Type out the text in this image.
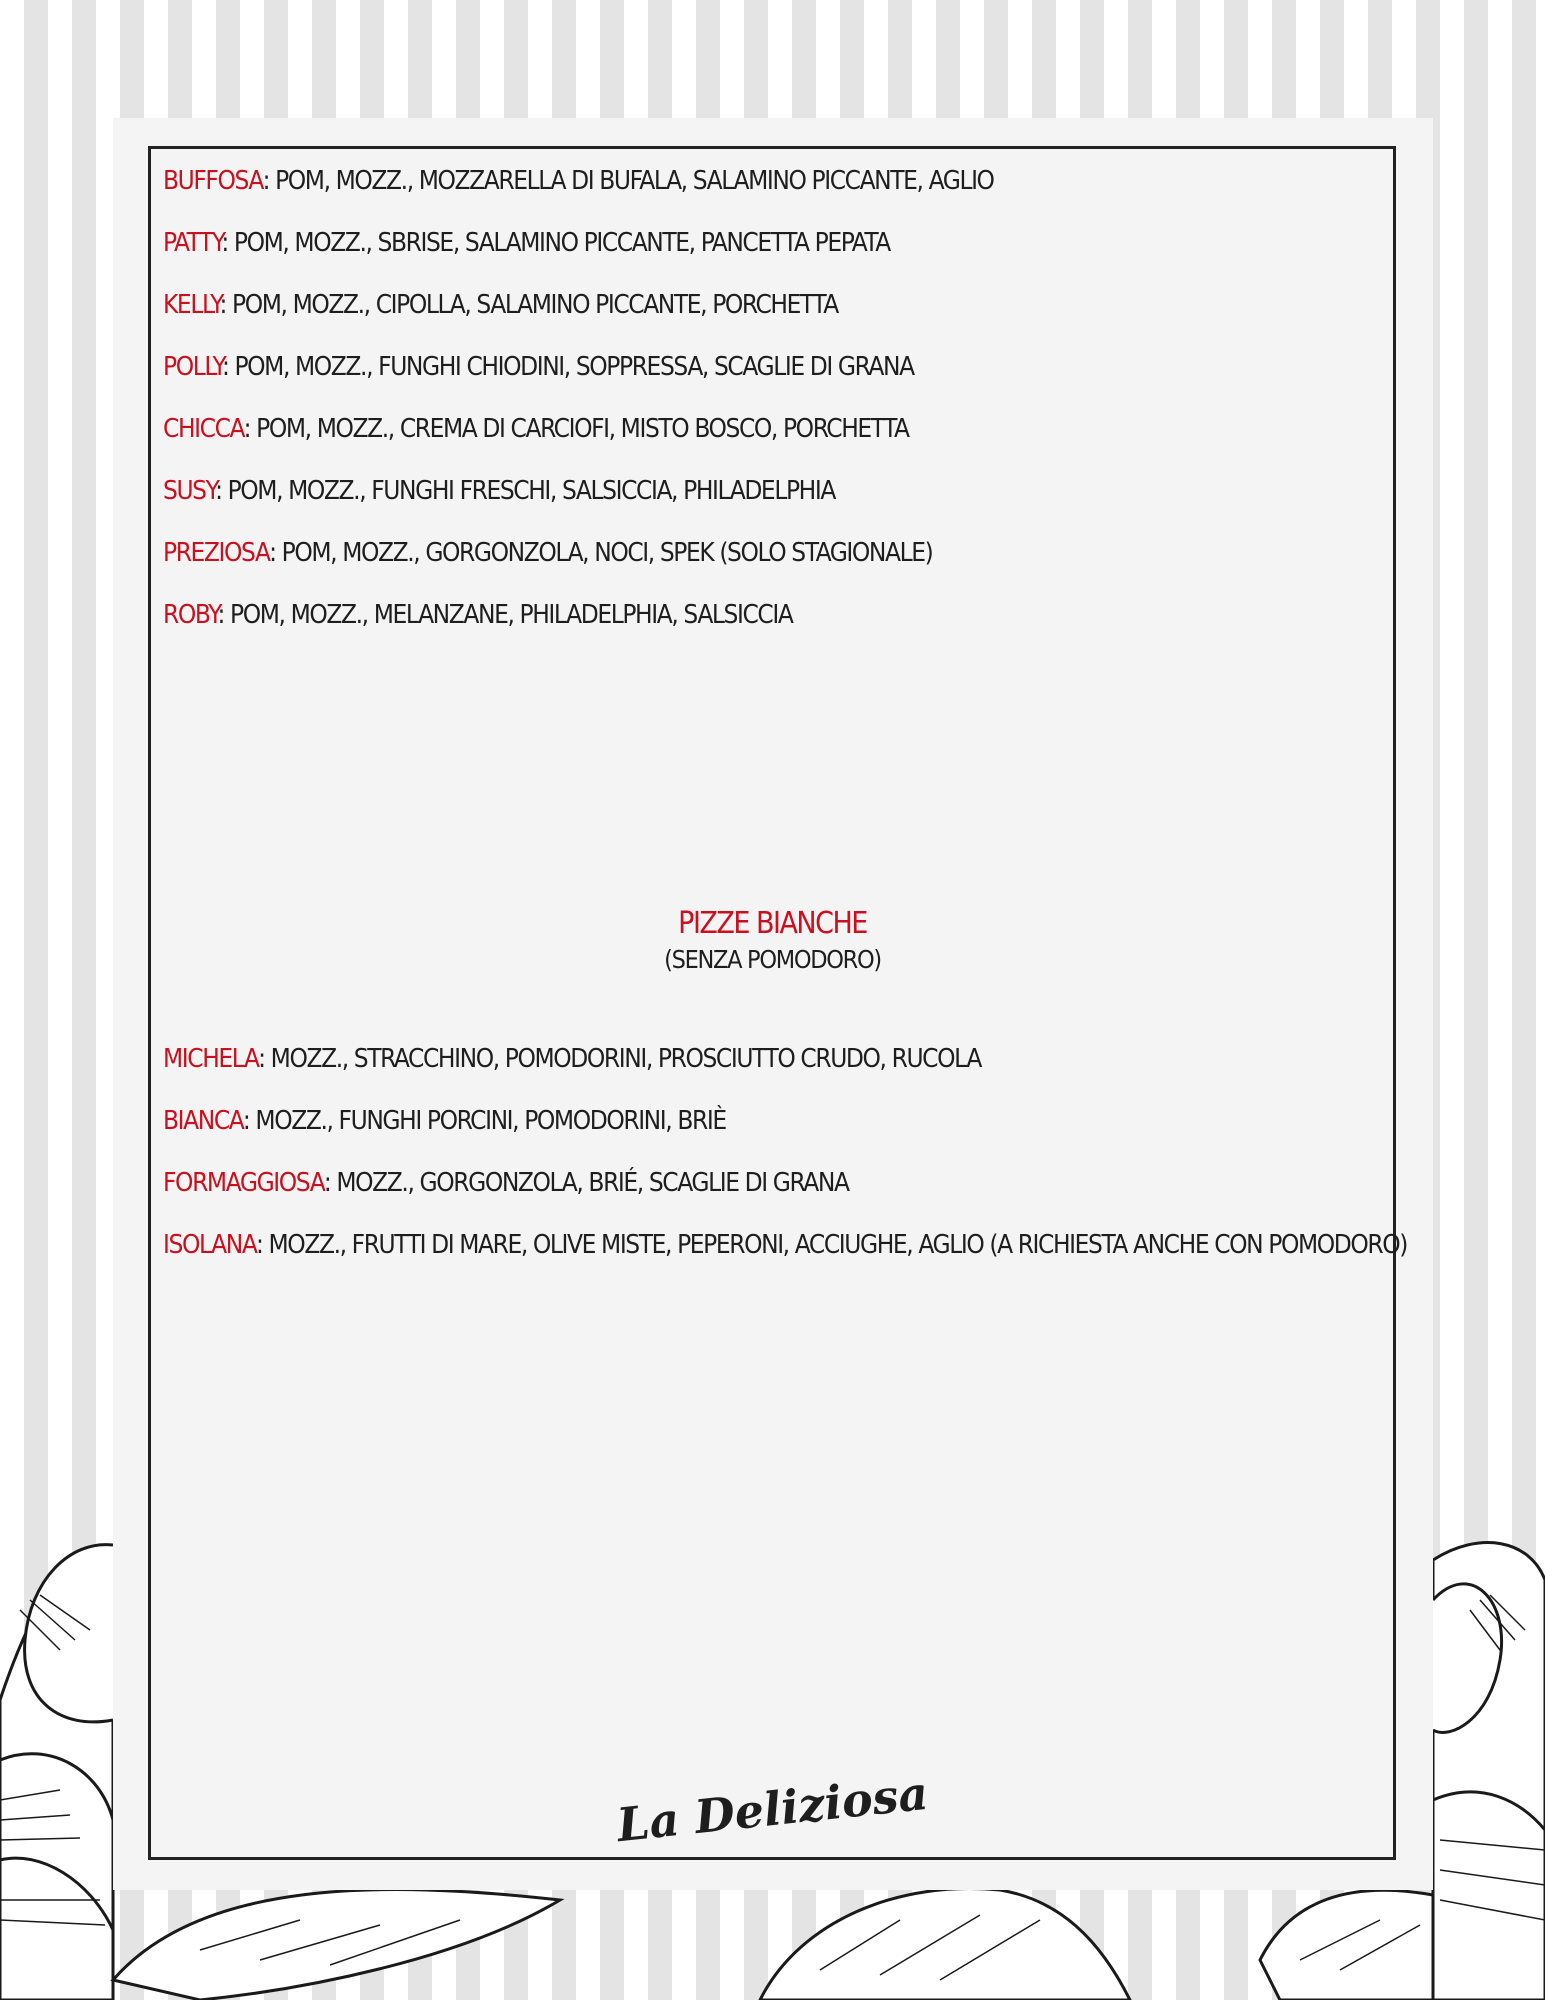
BUFFOSA: POM, MOZZ., MOZZARELLA DI BUFALA, SALAMINO PICCANTE, AGLIO
PATTY: POM, MOZZ., SBRISE, SALAMINO PICCANTE, PANCETTA PEPATA
KELLY: POM, MOZZ., CIPOLLA, SALAMINO PICCANTE, PORCHETTA
POLLY: POM, MOZZ., FUNGHI CHIODINI, SOPPRESSA, SCAGLIE DI GRANA
CHICCA: POM, MOZZ., CREMA DI CARCIOFI, MISTO BOSCO, PORCHETTA
SUSY: POM, MOZZ., FUNGHI FRESCHI, SALSICCIA, PHILADELPHIA
PREZIOSA: POM, MOZZ., GORGONZOLA, NOCI, SPEK (SOLO STAGIONALE)
ROBY: POM, MOZZ., MELANZANE, PHILADELPHIA, SALSICCIA
PIZZE BIANCHE
(SENZA POMODORO)
MICHELA: MOZZ., STRACCHINO, POMODORINI, PROSCIUTTO CRUDO, RUCOLA
BIANCA: MOZZ., FUNGHI PORCINI, POMODORINI, BRIÈ
FORMAGGIOSA: MOZZ., GORGONZOLA, BRIÉ, SCAGLIE DI GRANA
ISOLANA: MOZZ., FRUTTI DI MARE, OLIVE MISTE, PEPERONI, ACCIUGHE, AGLIO (A RICHIESTA ANCHE CON POMODORO)
La Deliziosa
